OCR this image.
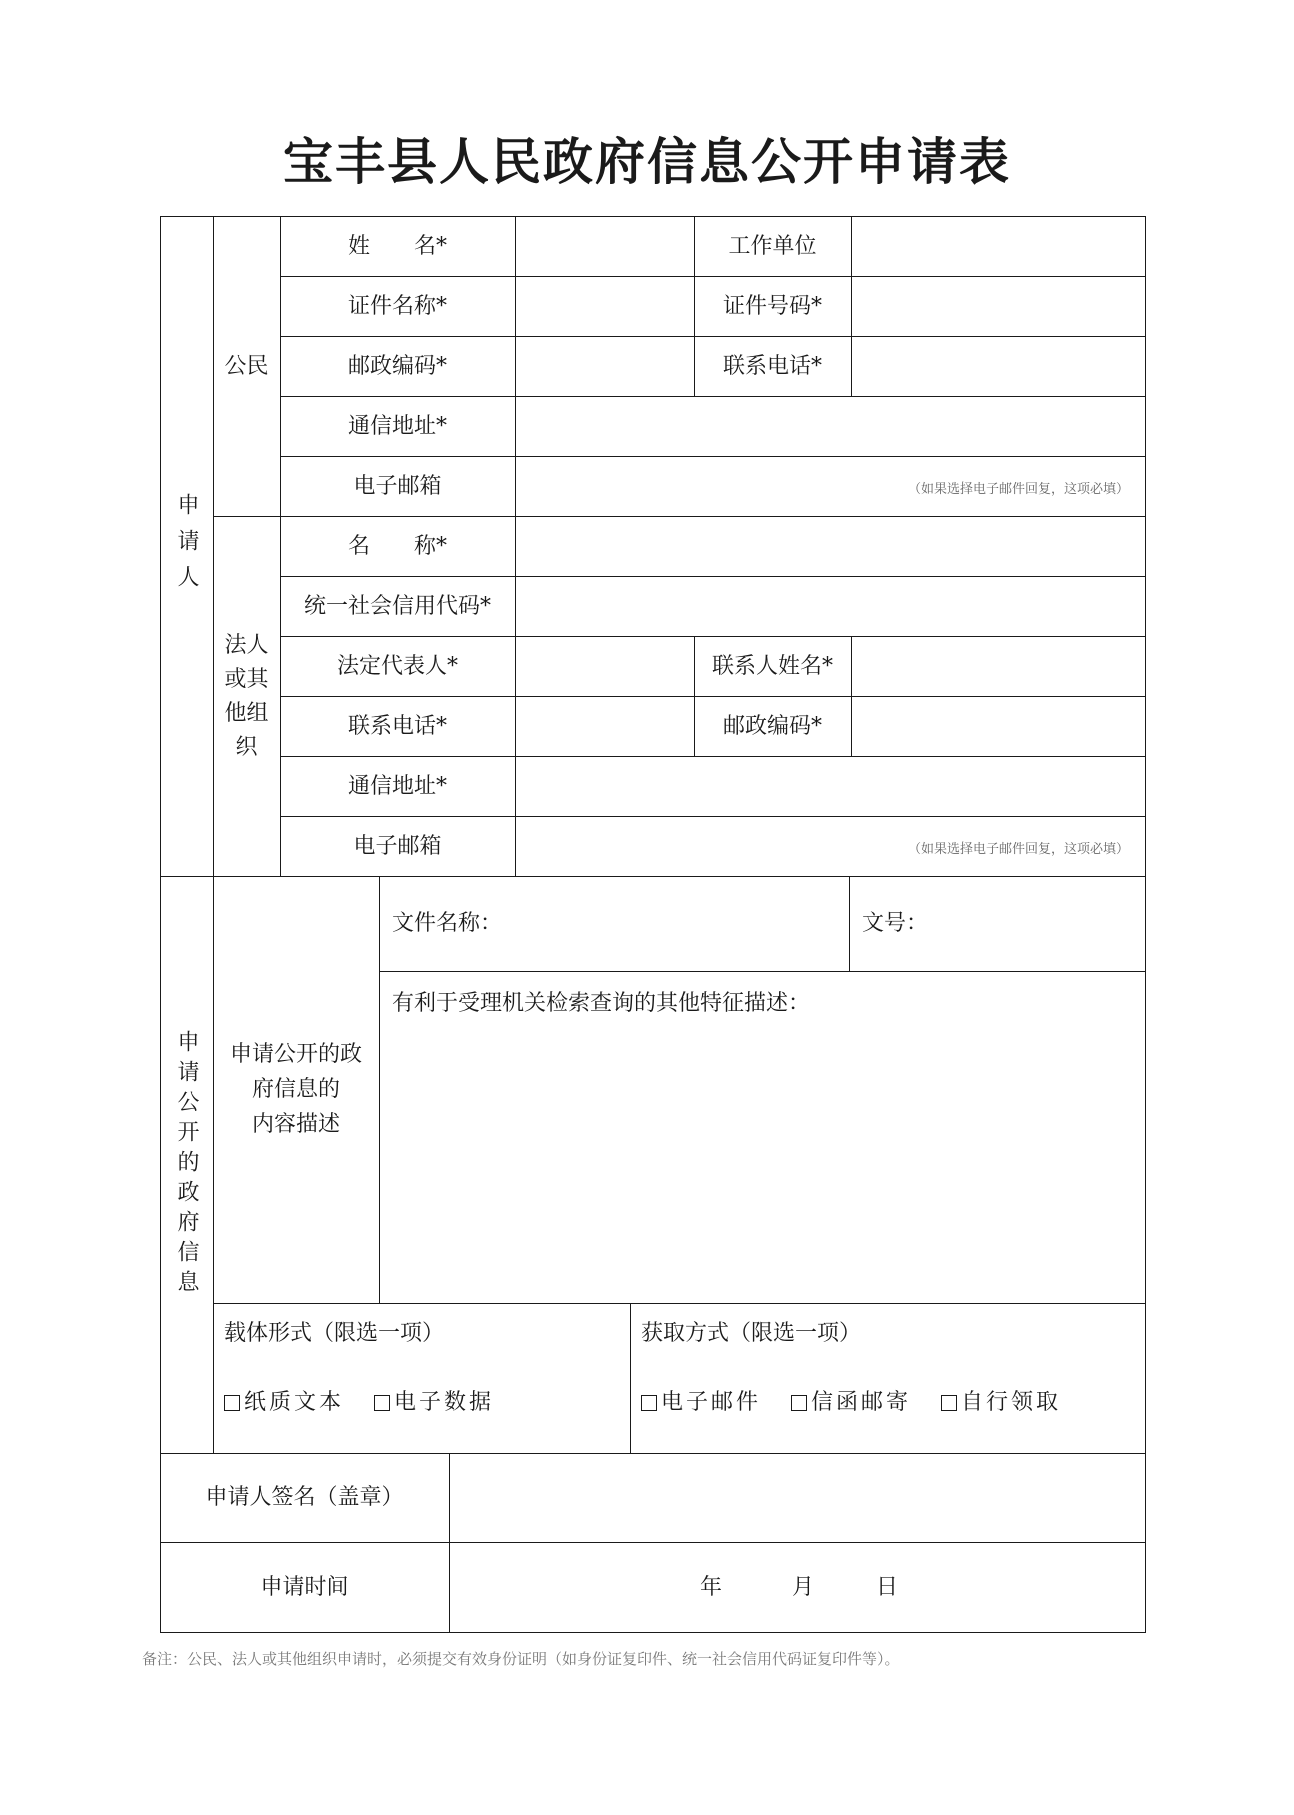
宝丰县人民政府信息公开申请表
申请人
公民
法人或其他组织
姓　　名*	工作单位
证件名称*	证件号码*
邮政编码*	联系电话*
通信地址*
电子邮箱	（如果选择电子邮件回复，这项必填）
名　　称*
统一社会信用代码*
法定代表人*	联系人姓名*
联系电话*	邮政编码*
通信地址*
电子邮箱	（如果选择电子邮件回复，这项必填）
申请公开的政府信息 申请公开的政
府信息的
内容描述
文件名称：	文号：
有利于受理机关检索查询的其他特征描述：
载体形式（限选一项）
纸质文本 电子数据
获取方式（限选一项）
电子邮件 信函邮寄 自行领取
申请人签名（盖章）
申请时间	年	月	日
备注：公民、法人或其他组织申请时，必须提交有效身份证明（如身份证复印件、统一社会信用代码证复印件等）。
